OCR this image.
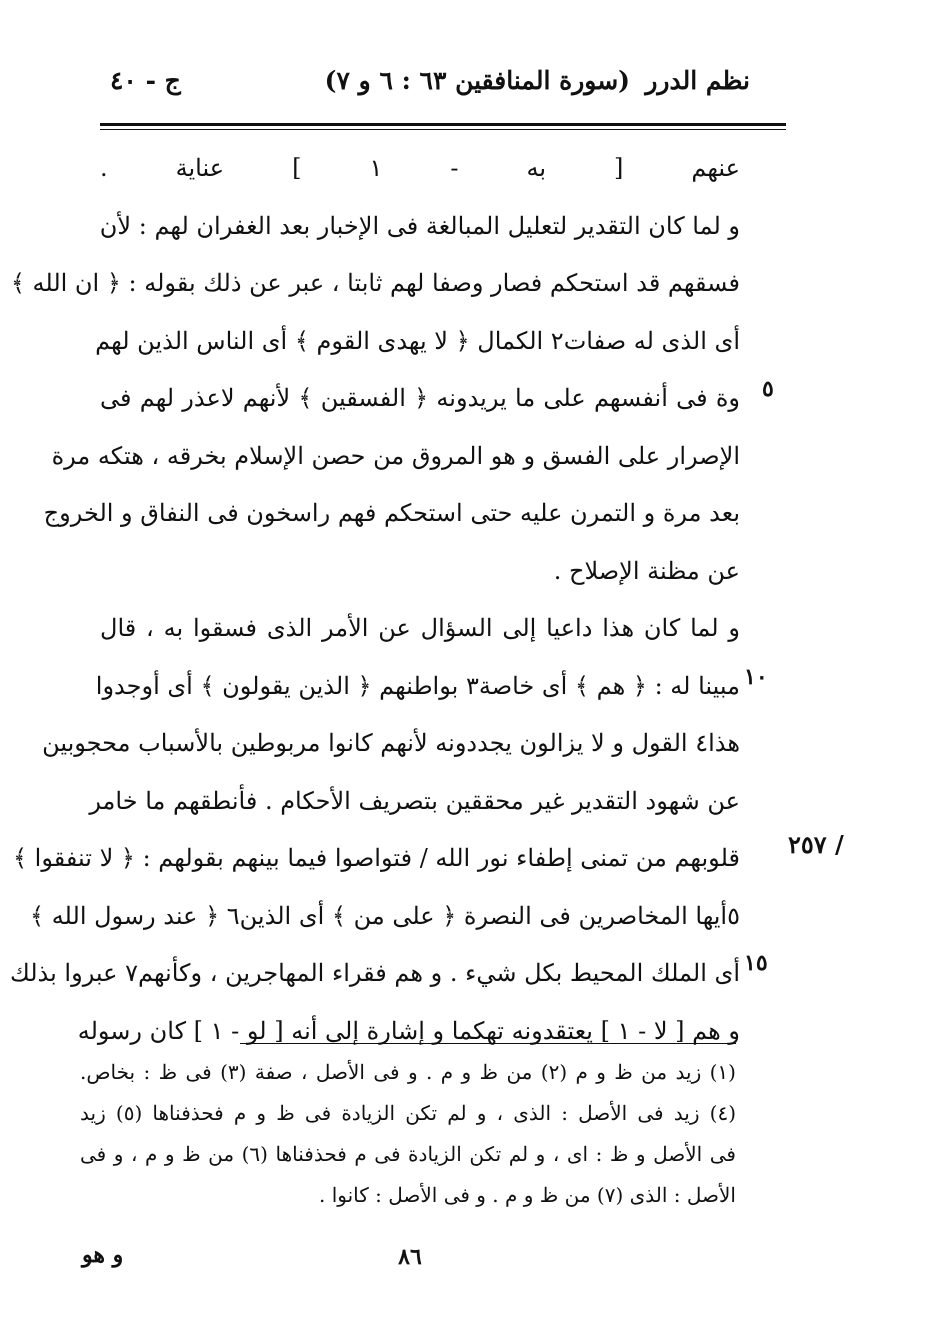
ج - ٤٠	(سورة المنافقين ٦٣ : ٦ و ٧) نظم الدرر
عنهم [ به - ١ ] عناية .
و لما كان التقدير لتعليل المبالغة فى الإخبار بعد الغفران لهم : لأن
فسقهم قد استحكم فصار وصفا لهم ثابتا ، عبر عن ذلك بقوله : ﴿ ان الله ﴾
أى الذى له صفات٢ الكمال ﴿ لا يهدى القوم ﴾ أى الناس الذين لهم
وة فى أنفسهم على ما يريدونه ﴿ الفسقين ﴾ لأنهم لاعذر لهم فى
الإصرار على الفسق و هو المروق من حصن الإسلام بخرقه ، هتكه مرة
بعد مرة و التمرن عليه حتى استحكم فهم راسخون فى النفاق و الخروج
عن مظنة الإصلاح .
و لما كان هذا داعيا إلى السؤال عن الأمر الذى فسقوا به ، قال
مبينا له : ﴿ هم ﴾ أى خاصة٣ بواطنهم ﴿ الذين يقولون ﴾ أى أوجدوا
هذا٤ القول و لا يزالون يجددونه لأنهم كانوا مربوطين بالأسباب محجوبين
عن شهود التقدير غير محققين بتصريف الأحكام . فأنطقهم ما خامر
قلوبهم من تمنى إطفاء نور الله / فتواصوا فيما بينهم بقولهم : ﴿ لا تنفقوا ﴾
٥أيها المخاصرين فى النصرة ﴿ على من ﴾ أى الذين٦ ﴿ عند رسول الله ﴾
أى الملك المحيط بكل شيء . و هم فقراء المهاجرين ، وكأنهم٧ عبروا بذلك
و هم [ لا - ١ ] يعتقدونه تهكما و إشارة إلى أنه [ لو - ١ ] كان رسوله
٥
١٠
١٥
/ ٢٥٧
(١) زيد من ظ و م (٢) من ظ و م . و فى الأصل ، صفة (٣) فى ظ : بخاص.
(٤) زيد فى الأصل : الذى ، و لم تكن الزيادة فى ظ و م فحذفناها (٥) زيد
فى الأصل و ظ : اى ، و لم تكن الزيادة فى م فحذفناها (٦) من ظ و م ، و فى
الأصل : الذى (٧) من ظ و م . و فى الأصل : كانوا .
و هو	٨٦
